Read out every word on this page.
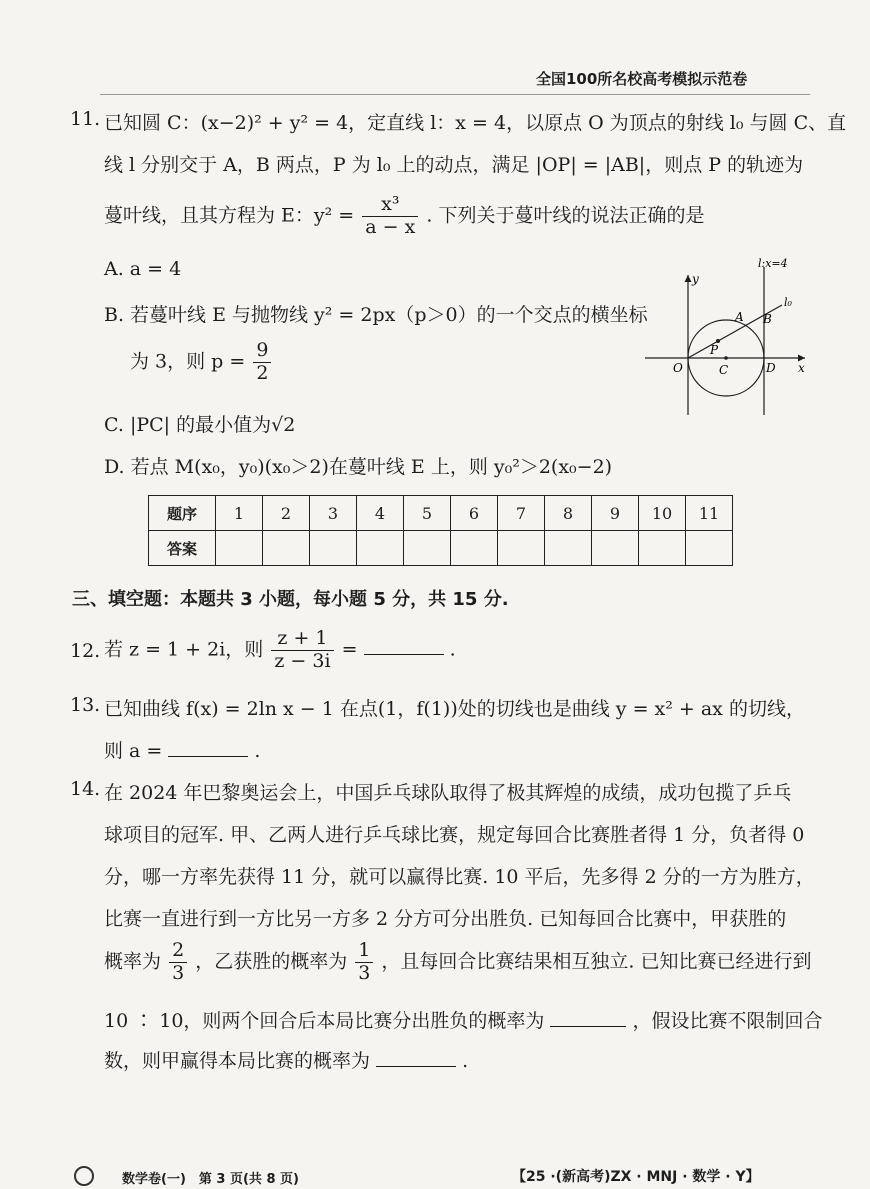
全国100所名校高考模拟示范卷
11. 已知圆 C：(x−2)² + y² = 4，定直线 l：x = 4，以原点 O 为顶点的射线 l₀ 与圆 C、直
线 l 分别交于 A，B 两点，P 为 l₀ 上的动点，满足 |OP| = |AB|，则点 P 的轨迹为
蔓叶线，且其方程为 E：$y^2 = \frac{\text{x³}}{a - x}$ . 下列关于蔓叶线的说法正确的是
A. a = 4
B. 若蔓叶线 E 与抛物线 y² = 2px（p＞0）的一个交点的横坐标
为 3，则 $p = \frac{9}{2}$
C. |PC| 的最小值为√2
D. 若点 M(x₀，y₀)(x₀＞2)在蔓叶线 E 上，则 y₀²＞2(x₀−2)
l:x=4
y
x
l₀
A B
P
O	C	D
题序	1	2	3	4	5	6	7	8	9	10	11
答案											
三、填空题：本题共 3 小题，每小题 5 分，共 15 分.
12. 若 z = 1 + 2i，则 $\frac{z + 1}{z - 3i}$ =	.
13. 已知曲线 f(x) = 2ln x − 1 在点(1，f(1))处的切线也是曲线 y = x² + ax 的切线，
则 a =	.
14. 在 2024 年巴黎奥运会上，中国乒乓球队取得了极其辉煌的成绩，成功包揽了乒乓
球项目的冠军. 甲、乙两人进行乒乓球比赛，规定每回合比赛胜者得 1 分，负者得 0
分，哪一方率先获得 11 分，就可以赢得比赛. 10 平后，先多得 2 分的一方为胜方，
比赛一直进行到一方比另一方多 2 分方可分出胜负. 已知每回合比赛中，甲获胜的
概率为 $\frac{2}{3}$ ，乙获胜的概率为 $\frac{1}{3}$ ，且每回合比赛结果相互独立. 已知比赛已经进行到
10 ∶ 10，则两个回合后本局比赛分出胜负的概率为	，假设比赛不限制回合
数，则甲赢得本局比赛的概率为	.
数学卷(一)　第 3 页(共 8 页)	【25 ·(新高考)ZX · MNJ · 数学 · Y】
